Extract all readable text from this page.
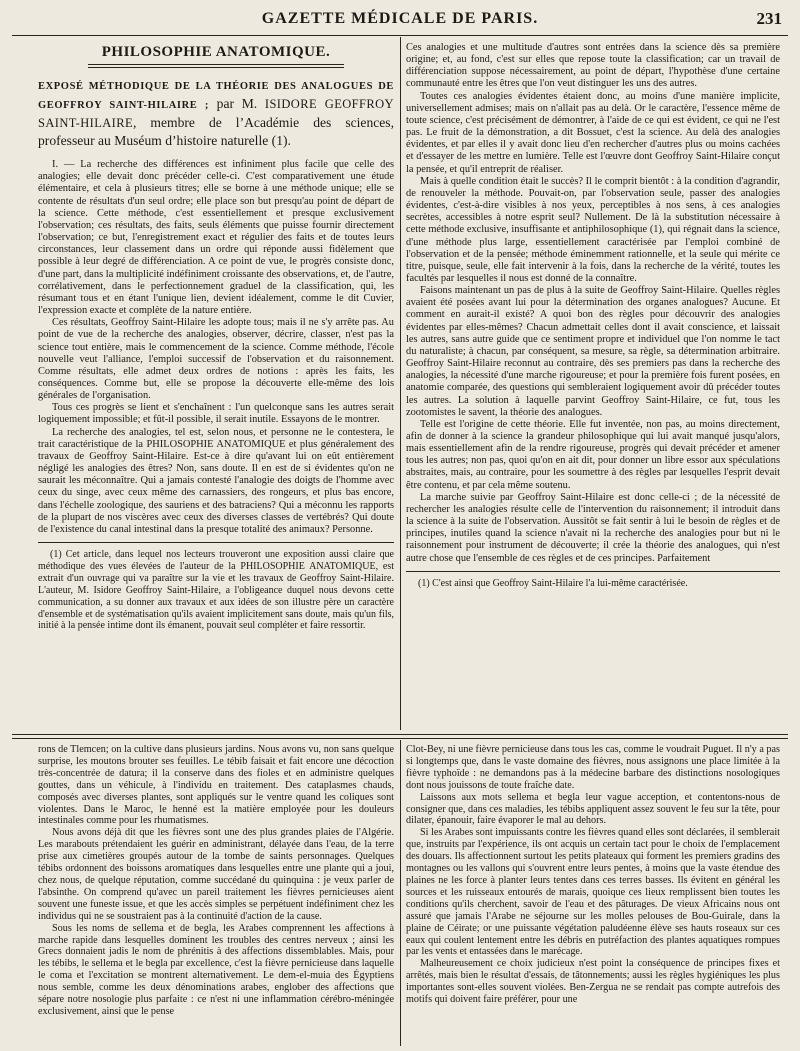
GAZETTE MÉDICALE DE PARIS.	231
PHILOSOPHIE ANATOMIQUE.
EXPOSÉ MÉTHODIQUE DE LA THÉORIE DES ANALOGUES DE GEOFFROY SAINT-HILAIRE ; par M. ISIDORE GEOFFROY SAINT-HILAIRE, membre de l’Académie des sciences, professeur au Muséum d’histoire naturelle (1).

I. — La recherche des différences est infiniment plus facile que celle des analogies; elle devait donc précéder celle-ci. C'est comparativement une étude élémentaire, et cela à plusieurs titres; elle se borne à une méthode unique; elle se contente de résultats d'un seul ordre; elle place son but presqu'au point de départ de la science. Cette méthode, c'est essentiellement et presque exclusivement l'observation; ces résultats, des faits, seuls éléments que puisse fournir directement l'observation; ce but, l'enregistrement exact et régulier des faits et de toutes leurs circonstances, leur classement dans un ordre qui réponde aussi fidèlement que possible à leur degré de différenciation. A ce point de vue, le progrès consiste donc, d'une part, dans la multiplicité indéfiniment croissante des observations, et, de l'autre, corrélativement, dans le perfectionnement graduel de la classification, qui, les résumant tous et en étant l'unique lien, devient idéalement, comme le dit Cuvier, l'expression exacte et complète de la nature entière.

Ces résultats, Geoffroy Saint-Hilaire les adopte tous; mais il ne s'y arrête pas. Au point de vue de la recherche des analogies, observer, décrire, classer, n'est pas la science tout entière, mais le commencement de la science. Comme méthode, l'école nouvelle veut l'alliance, l'emploi successif de l'observation et du raisonnement. Comme résultats, elle admet deux ordres de notions : après les faits, les conséquences. Comme but, elle se propose la découverte elle-même des lois générales de l'organisation.

Tous ces progrès se lient et s'enchaînent : l'un quelconque sans les autres serait logiquement impossible; et fût-il possible, il serait inutile. Essayons de le montrer.

La recherche des analogies, tel est, selon nous, et personne ne le contestera, le trait caractéristique de la PHILOSOPHIE ANATOMIQUE et plus généralement des travaux de Geoffroy Saint-Hilaire. Est-ce à dire qu'avant lui on eût entièrement négligé les analogies des êtres? Non, sans doute. Il en est de si évidentes qu'on ne saurait les méconnaître. Qui a jamais contesté l'analogie des doigts de l'homme avec ceux du singe, avec ceux même des carnassiers, des rongeurs, et plus bas encore, dans l'échelle zoologique, des sauriens et des batraciens? Qui a méconnu les rapports de la plupart de nos viscères avec ceux des diverses classes de vertébrés? Qui doute de l'existence du canal intestinal dans la presque totalité des animaux? Personne.

(1) Cet article, dans lequel nos lecteurs trouveront une exposition aussi claire que méthodique des vues élevées de l'auteur de la PHILOSOPHIE ANATOMIQUE, est extrait d'un ouvrage qui va paraître sur la vie et les travaux de Geoffroy Saint-Hilaire. L'auteur, M. Isidore Geoffroy Saint-Hilaire, a l'obligeance duquel nous devons cette communication, a su donner aux travaux et aux idées de son illustre père un caractère d'ensemble et de systématisation qu'ils avaient implicitement sans doute, mais qu'un fils, initié à la pensée intime dont ils émanent, pouvait seul compléter et faire ressortir.

Ces analogies et une multitude d'autres sont entrées dans la science dès sa première origine; et, au fond, c'est sur elles que repose toute la classification; car un travail de différenciation suppose nécessairement, au point de départ, l'hypothèse d'une certaine communauté entre les êtres que l'on veut distinguer les uns des autres.

Toutes ces analogies évidentes étaient donc, au moins d'une manière implicite, universellement admises; mais on n'allait pas au delà. Or le caractère, l'essence même de toute science, c'est précisément de démontrer, à l'aide de ce qui est évident, ce qui ne l'est pas. Le fruit de la démonstration, a dit Bossuet, c'est la science. Au delà des analogies évidentes, et par elles il y avait donc lieu d'en rechercher d'autres plus ou moins cachées et d'essayer de les mettre en lumière. Telle est l'œuvre dont Geoffroy Saint-Hilaire conçut la pensée, et qu'il entreprit de réaliser.

Mais à quelle condition était le succès? Il le comprit bientôt : à la condition d'agrandir, de renouveler la méthode. Pouvait-on, par l'observation seule, passer des analogies évidentes, c'est-à-dire visibles à nos yeux, perceptibles à nos sens, à ces analogies secrètes, accessibles à notre esprit seul? Nullement. De là la substitution nécessaire à cette méthode exclusive, insuffisante et antiphilosophique (1), qui régnait dans la science, d'une méthode plus large, essentiellement caractérisée par l'emploi combiné de l'observation et de la pensée; méthode éminemment rationnelle, et la seule qui mérite ce titre, puisque, seule, elle fait intervenir à la fois, dans la recherche de la vérité, toutes les facultés par lesquelles il nous est donné de la connaître.

Faisons maintenant un pas de plus à la suite de Geoffroy Saint-Hilaire. Quelles règles avaient été posées avant lui pour la détermination des organes analogues? Aucune. Et comment en aurait-il existé? A quoi bon des règles pour découvrir des analogies évidentes par elles-mêmes? Chacun admettait celles dont il avait conscience, et laissait les autres, sans autre guide que ce sentiment propre et individuel que l'on nomme le tact du naturaliste; à chacun, par conséquent, sa mesure, sa règle, sa détermination arbitraire. Geoffroy Saint-Hilaire reconnut au contraire, dès ses premiers pas dans la recherche des analogies, la nécessité d'une marche rigoureuse; et pour la première fois furent posées, en anatomie comparée, des questions qui sembleraient logiquement avoir dû précéder toutes les autres. La solution à laquelle parvint Geoffroy Saint-Hilaire, ce fut, tous les zootomistes le savent, la théorie des analogues.

Telle est l'origine de cette théorie. Elle fut inventée, non pas, au moins directement, afin de donner à la science la grandeur philosophique qui lui avait manqué jusqu'alors, mais essentiellement afin de la rendre rigoureuse, progrès qui devait précéder et amener tous les autres; non pas, quoi qu'on en ait dit, pour donner un libre essor aux spéculations abstraites, mais, au contraire, pour les soumettre à des règles par lesquelles l'esprit devait être contenu, et par cela même soutenu.

La marche suivie par Geoffroy Saint-Hilaire est donc celle-ci ; de la nécessité de rechercher les analogies résulte celle de l'intervention du raisonnement; il introduit dans la science à la suite de l'observation. Aussitôt se fait sentir à lui le besoin de règles et de principes, inutiles quand la science n'avait ni la recherche des analogies pour but ni le raisonnement pour instrument de découverte; il crée la théorie des analogues, qui n'est autre chose que l'ensemble de ces règles et de ces principes. Parfaitement

(1) C'est ainsi que Geoffroy Saint-Hilaire l'a lui-même caractérisée.

rons de Tlemcen; on la cultive dans plusieurs jardins. Nous avons vu, non sans quelque surprise, les moutons brouter ses feuilles. Le tébib faisait et fait encore une décoction très-concentrée de datura; il la conserve dans des fioles et en administre quelques gouttes, dans un véhicule, à l'individu en traitement. Des cataplasmes chauds, composés avec diverses plantes, sont appliqués sur le ventre quand les coliques sont violentes. Dans le Maroc, le henné est la matière employée pour les douleurs intestinales comme pour les rhumatismes.

Nous avons déjà dit que les fièvres sont une des plus grandes plaies de l'Algérie. Les marabouts prétendaient les guérir en administrant, délayée dans l'eau, de la terre prise aux cimetières groupés autour de la tombe de saints personnages. Quelques tébibs ordonnent des boissons aromatiques dans lesquelles entre une plante qui a joui, chez nous, de quelque réputation, comme succédané du quinquina : je veux parler de l'absinthe. On comprend qu'avec un pareil traitement les fièvres pernicieuses aient souvent une funeste issue, et que les accès simples se perpétuent indéfiniment chez les individus qui ne se soustraient pas à la continuité d'action de la cause.

Sous les noms de sellema et de begla, les Arabes comprennent les affections à marche rapide dans lesquelles dominent les troubles des centres nerveux ; ainsi les Grecs donnaient jadis le nom de phrénitis à des affections dissemblables. Mais, pour les tébibs, le sellema et le begla par excellence, c'est la fièvre pernicieuse dans laquelle le coma et l'excitation se montrent alternativement. Le dem-el-muia des Égyptiens nous semble, comme les deux dénominations arabes, englober des affections que sépare notre nosologie plus parfaite : ce n'est ni une inflammation cérébro-méningée exclusivement, ainsi que le pense

Clot-Bey, ni une fièvre pernicieuse dans tous les cas, comme le voudrait Puguet. Il n'y a pas si longtemps que, dans le vaste domaine des fièvres, nous assignons une place limitée à la fièvre typhoïde : ne demandons pas à la médecine barbare des distinctions nosologiques dont nous jouissons de toute fraîche date.

Laissons aux mots sellema et begla leur vague acception, et contentons-nous de consigner que, dans ces maladies, les tébibs appliquent assez souvent le feu sur la tête, pour dilater, épanouir, faire évaporer le mal au dehors.

Si les Arabes sont impuissants contre les fièvres quand elles sont déclarées, il semblerait que, instruits par l'expérience, ils ont acquis un certain tact pour le choix de l'emplacement des douars. Ils affectionnent surtout les petits plateaux qui forment les premiers gradins des montagnes ou les vallons qui s'ouvrent entre leurs pentes, à moins que la vaste étendue des plaines ne les force à planter leurs tentes dans ces terres basses. Ils évitent en général les sources et les ruisseaux entourés de marais, quoique ces lieux remplissent bien toutes les conditions qu'ils cherchent, savoir de l'eau et des pâturages. De vieux Africains nous ont assuré que jamais l'Arabe ne séjourne sur les molles pelouses de Bou-Guirale, dans la plaine de Céirate; or une puissante végétation paludéenne élève ses hauts roseaux sur ces eaux qui coulent lentement entre les débris en putréfaction des plantes aquatiques rompues par les vents et entassées dans le marécage.

Malheureusement ce choix judicieux n'est point la conséquence de principes fixes et arrêtés, mais bien le résultat d'essais, de tâtonnements; aussi les règles hygiéniques les plus importantes sont-elles souvent violées. Ben-Zergua ne se rendait pas compte autrefois des motifs qui doivent faire préférer, pour une
